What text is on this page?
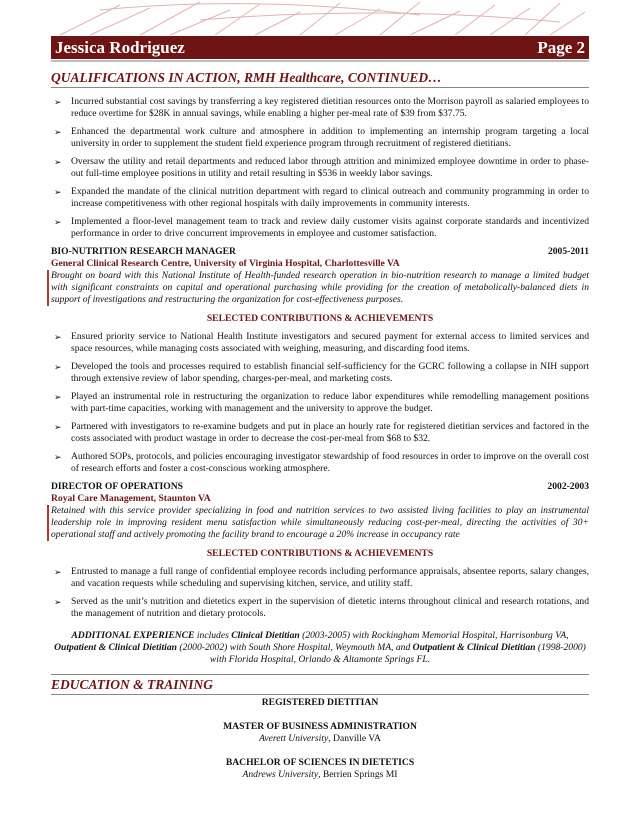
Jessica Rodriguez	Page 2
QUALIFICATIONS IN ACTION, RMH Healthcare, CONTINUED…
➢ Incurred substantial cost savings by transferring a key registered dietitian resources onto the Morrison payroll as salaried employees to reduce overtime for $28K in annual savings, while enabling a higher per-meal rate of $39 from $37.75.
➢ Enhanced the departmental work culture and atmosphere in addition to implementing an internship program targeting a local university in order to supplement the student field experience program through recruitment of registered dietitians.
➢ Oversaw the utility and retail departments and reduced labor through attrition and minimized employee downtime in order to phase-out full-time employee positions in utility and retail resulting in $536 in weekly labor savings.
➢ Expanded the mandate of the clinical nutrition department with regard to clinical outreach and community programming in order to increase competitiveness with other regional hospitals with daily improvements in community interests.
➢ Implemented a floor-level management team to track and review daily customer visits against corporate standards and incentivized performance in order to drive concurrent improvements in employee and customer satisfaction.
BIO-NUTRITION RESEARCH MANAGER	2005-2011
General Clinical Research Centre, University of Virginia Hospital, Charlottesville VA
Brought on board with this National Institute of Health-funded research operation in bio-nutrition research to manage a limited budget with significant constraints on capital and operational purchasing while providing for the creation of metabolically-balanced diets in support of investigations and restructuring the organization for cost-effectiveness purposes.
SELECTED CONTRIBUTIONS & ACHIEVEMENTS
➢ Ensured priority service to National Health Institute investigators and secured payment for external access to limited services and space resources, while managing costs associated with weighing, measuring, and discarding food items.
➢ Developed the tools and processes required to establish financial self-sufficiency for the GCRC following a collapse in NIH support through extensive review of labor spending, charges-per-meal, and marketing costs.
➢ Played an instrumental role in restructuring the organization to reduce labor expenditures while remodelling management positions with part-time capacities, working with management and the university to approve the budget.
➢ Partnered with investigators to re-examine budgets and put in place an hourly rate for registered dietitian services and factored in the costs associated with product wastage in order to decrease the cost-per-meal from $68 to $32.
➢ Authored SOPs, protocols, and policies encouraging investigator stewardship of food resources in order to improve on the overall cost of research efforts and foster a cost-conscious working atmosphere.
DIRECTOR OF OPERATIONS	2002-2003
Royal Care Management, Staunton VA
Retained with this service provider specializing in food and nutrition services to two assisted living facilities to play an instrumental leadership role in improving resident menu satisfaction while simultaneously reducing cost-per-meal, directing the activities of 30+ operational staff and actively promoting the facility brand to encourage a 20% increase in occupancy rate
SELECTED CONTRIBUTIONS & ACHIEVEMENTS
➢ Entrusted to manage a full range of confidential employee records including performance appraisals, absentee reports, salary changes, and vacation requests while scheduling and supervising kitchen, service, and utility staff.
➢ Served as the unit’s nutrition and dietetics expert in the supervision of dietetic interns throughout clinical and research rotations, and the management of nutrition and dietary protocols.
ADDITIONAL EXPERIENCE includes Clinical Dietitian (2003-2005) with Rockingham Memorial Hospital, Harrisonburg VA, Outpatient & Clinical Dietitian (2000-2002) with South Shore Hospital, Weymouth MA, and Outpatient & Clinical Dietitian (1998-2000) with Florida Hospital, Orlando & Altamonte Springs FL.
EDUCATION & TRAINING
REGISTERED DIETITIAN
MASTER OF BUSINESS ADMINISTRATION
Averett University, Danville VA
BACHELOR OF SCIENCES IN DIETETICS
Andrews University, Berrien Springs MI
